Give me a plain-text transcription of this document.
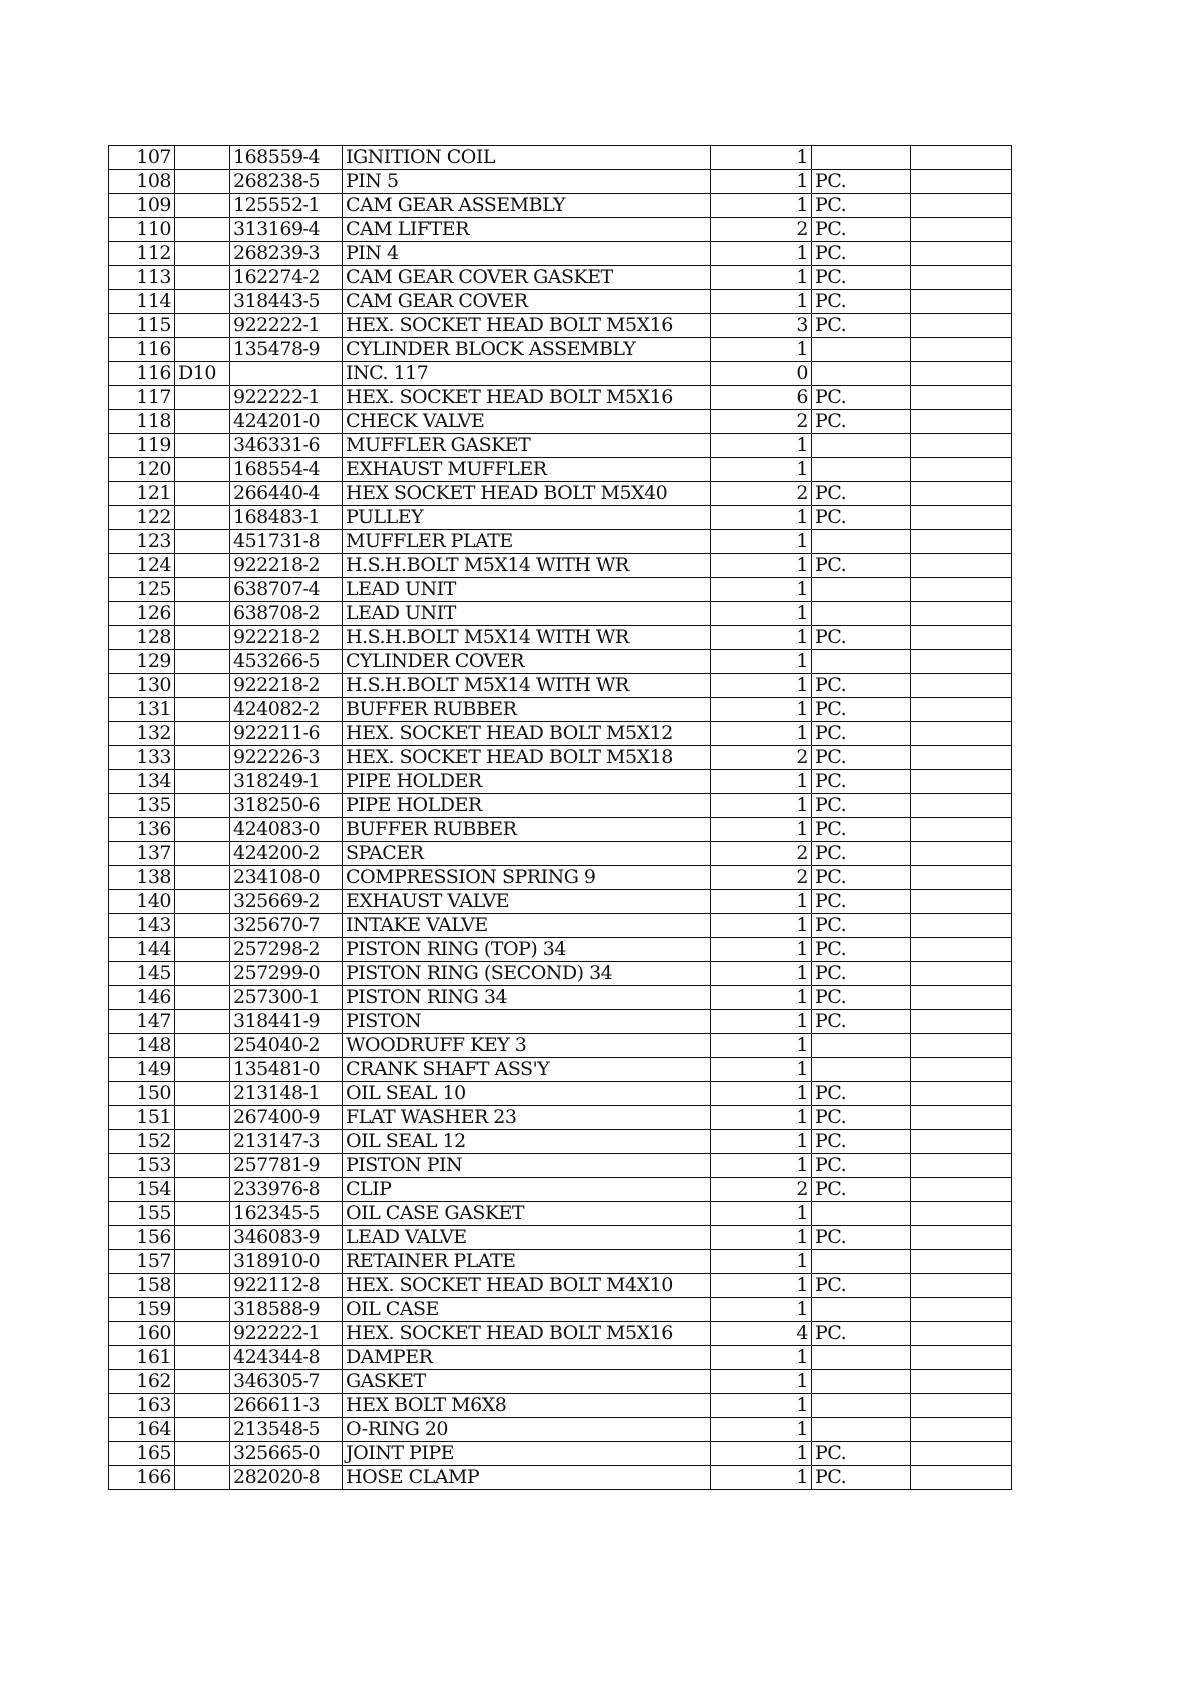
107		168559-4	IGNITION COIL	1		
108		268238-5	PIN 5	1	PC.	
109		125552-1	CAM GEAR ASSEMBLY	1	PC.	
110		313169-4	CAM LIFTER	2	PC.	
112		268239-3	PIN 4	1	PC.	
113		162274-2	CAM GEAR COVER GASKET	1	PC.	
114		318443-5	CAM GEAR COVER	1	PC.	
115		922222-1	HEX. SOCKET HEAD BOLT M5X16	3	PC.	
116		135478-9	CYLINDER BLOCK ASSEMBLY	1		
116	D10		INC. 117	0		
117		922222-1	HEX. SOCKET HEAD BOLT M5X16	6	PC.	
118		424201-0	CHECK VALVE	2	PC.	
119		346331-6	MUFFLER GASKET	1		
120		168554-4	EXHAUST MUFFLER	1		
121		266440-4	HEX SOCKET HEAD BOLT M5X40	2	PC.	
122		168483-1	PULLEY	1	PC.	
123		451731-8	MUFFLER PLATE	1		
124		922218-2	H.S.H.BOLT M5X14 WITH WR	1	PC.	
125		638707-4	LEAD UNIT	1		
126		638708-2	LEAD UNIT	1		
128		922218-2	H.S.H.BOLT M5X14 WITH WR	1	PC.	
129		453266-5	CYLINDER COVER	1		
130		922218-2	H.S.H.BOLT M5X14 WITH WR	1	PC.	
131		424082-2	BUFFER RUBBER	1	PC.	
132		922211-6	HEX. SOCKET HEAD BOLT M5X12	1	PC.	
133		922226-3	HEX. SOCKET HEAD BOLT M5X18	2	PC.	
134		318249-1	PIPE HOLDER	1	PC.	
135		318250-6	PIPE HOLDER	1	PC.	
136		424083-0	BUFFER RUBBER	1	PC.	
137		424200-2	SPACER	2	PC.	
138		234108-0	COMPRESSION SPRING 9	2	PC.	
140		325669-2	EXHAUST VALVE	1	PC.	
143		325670-7	INTAKE VALVE	1	PC.	
144		257298-2	PISTON RING (TOP) 34	1	PC.	
145		257299-0	PISTON RING (SECOND) 34	1	PC.	
146		257300-1	PISTON RING 34	1	PC.	
147		318441-9	PISTON	1	PC.	
148		254040-2	WOODRUFF KEY 3	1		
149		135481-0	CRANK SHAFT ASS'Y	1		
150		213148-1	OIL SEAL 10	1	PC.	
151		267400-9	FLAT WASHER 23	1	PC.	
152		213147-3	OIL SEAL 12	1	PC.	
153		257781-9	PISTON PIN	1	PC.	
154		233976-8	CLIP	2	PC.	
155		162345-5	OIL CASE GASKET	1		
156		346083-9	LEAD VALVE	1	PC.	
157		318910-0	RETAINER PLATE	1		
158		922112-8	HEX. SOCKET HEAD BOLT M4X10	1	PC.	
159		318588-9	OIL CASE	1		
160		922222-1	HEX. SOCKET HEAD BOLT M5X16	4	PC.	
161		424344-8	DAMPER	1		
162		346305-7	GASKET	1		
163		266611-3	HEX BOLT M6X8	1		
164		213548-5	O-RING 20	1		
165		325665-0	JOINT PIPE	1	PC.	
166		282020-8	HOSE CLAMP	1	PC.	
